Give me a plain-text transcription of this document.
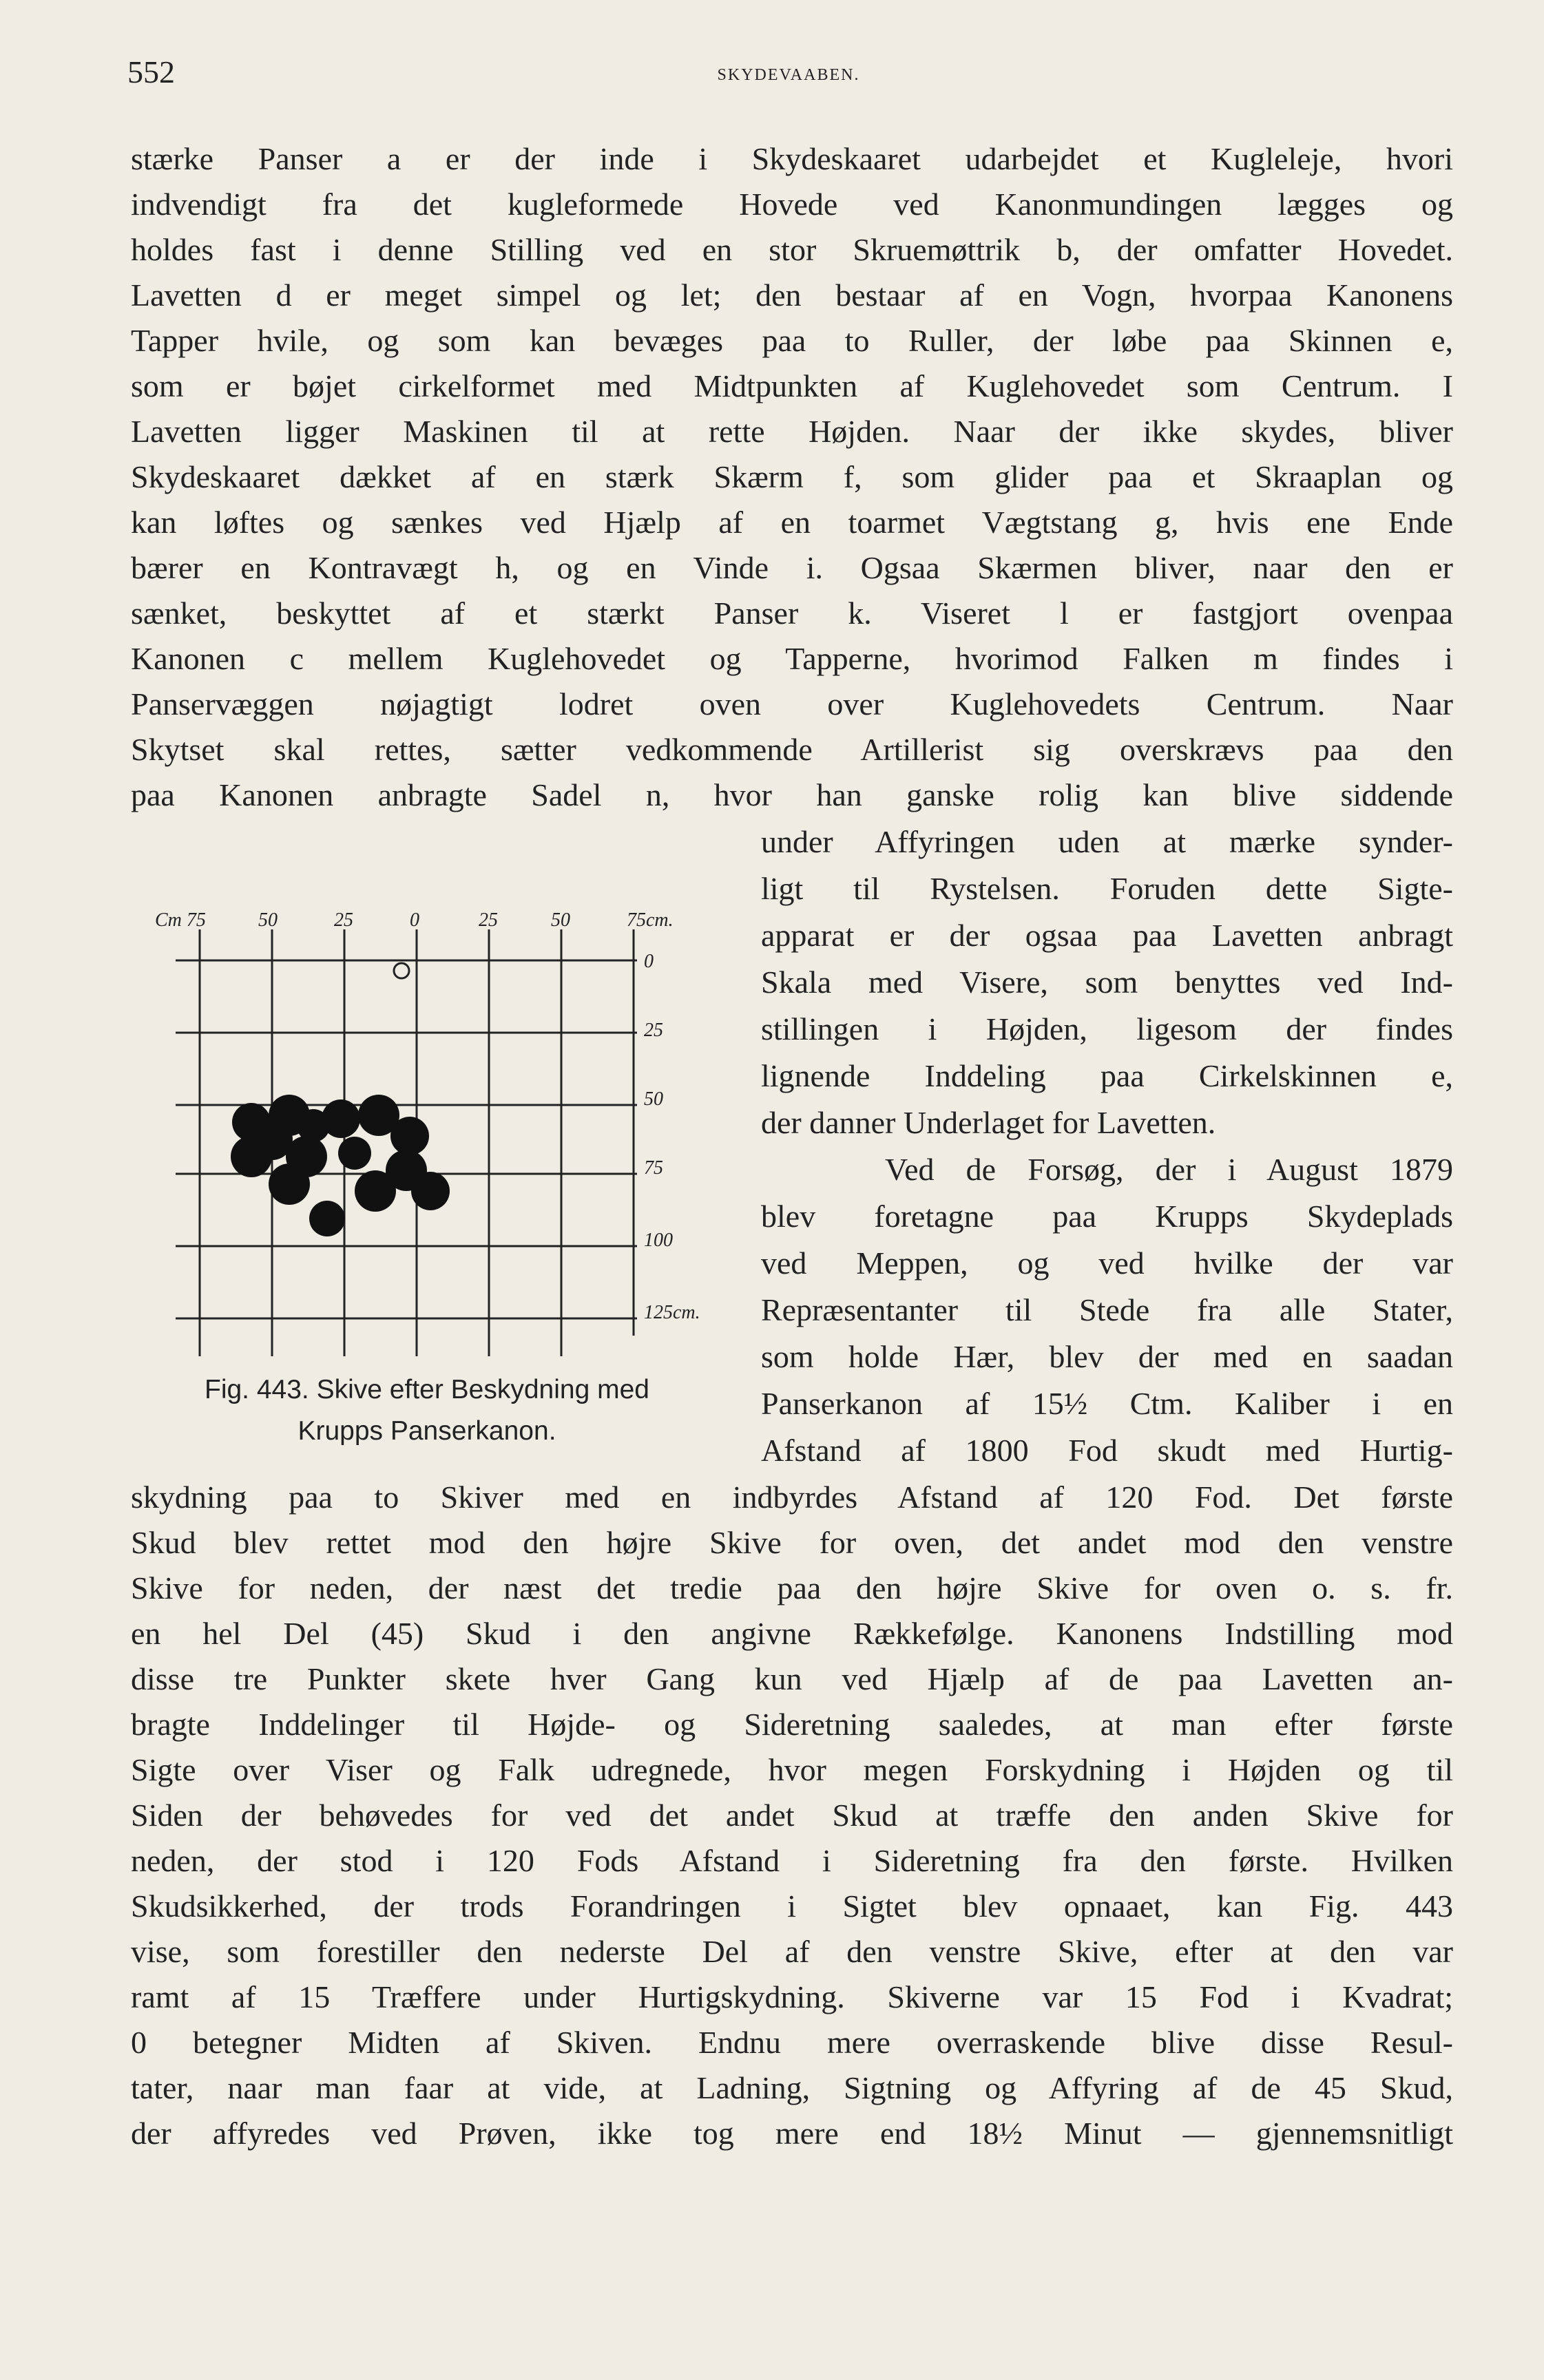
552	SKYDEVAABEN.
stærke Panser a er der inde i Skydeskaaret udarbejdet et Kugleleje, hvori
indvendigt fra det kugleformede Hovede ved Kanonmundingen lægges og
holdes fast i denne Stilling ved en stor Skruemøttrik b, der omfatter Hovedet.
Lavetten d er meget simpel og let; den bestaar af en Vogn, hvorpaa Kanonens
Tapper hvile, og som kan bevæges paa to Ruller, der løbe paa Skinnen e,
som er bøjet cirkelformet med Midtpunkten af Kuglehovedet som Centrum. I
Lavetten ligger Maskinen til at rette Højden. Naar der ikke skydes, bliver
Skydeskaaret dækket af en stærk Skærm f, som glider paa et Skraaplan og
kan løftes og sænkes ved Hjælp af en toarmet Vægtstang g, hvis ene Ende
bærer en Kontravægt h, og en Vinde i. Ogsaa Skærmen bliver, naar den er
sænket, beskyttet af et stærkt Panser k. Viseret l er fastgjort ovenpaa
Kanonen c mellem Kuglehovedet og Tapperne, hvorimod Falken m findes i
Panservæggen nøjagtigt lodret oven over Kuglehovedets Centrum. Naar
Skytset skal rettes, sætter vedkommende Artillerist sig overskrævs paa den
paa Kanonen anbragte Sadel n, hvor han ganske rolig kan blive siddende
under Affyringen uden at mærke synder-
ligt til Rystelsen. Foruden dette Sigte-
apparat er der ogsaa paa Lavetten anbragt
Skala med Visere, som benyttes ved Ind-
stillingen i Højden, ligesom der findes
lignende Inddeling paa Cirkelskinnen e,
der danner Underlaget for Lavetten.
Ved de Forsøg, der i August 1879
blev foretagne paa Krupps Skydeplads
ved Meppen, og ved hvilke der var
Repræsentanter til Stede fra alle Stater,
som holde Hær, blev der med en saadan
Panserkanon af 15½ Ctm. Kaliber i en
Afstand af 1800 Fod skudt med Hurtig-
Cm 75	50	25	0	25	50	75cm.
0
25
50
75
100
125cm.
Fig. 443. Skive efter Beskydning med
Krupps Panserkanon.
skydning paa to Skiver med en indbyrdes Afstand af 120 Fod. Det første
Skud blev rettet mod den højre Skive for oven, det andet mod den venstre
Skive for neden, der næst det tredie paa den højre Skive for oven o. s. fr.
en hel Del (45) Skud i den angivne Rækkefølge. Kanonens Indstilling mod
disse tre Punkter skete hver Gang kun ved Hjælp af de paa Lavetten an-
bragte Inddelinger til Højde- og Sideretning saaledes, at man efter første
Sigte over Viser og Falk udregnede, hvor megen Forskydning i Højden og til
Siden der behøvedes for ved det andet Skud at træffe den anden Skive for
neden, der stod i 120 Fods Afstand i Sideretning fra den første. Hvilken
Skudsikkerhed, der trods Forandringen i Sigtet blev opnaaet, kan Fig. 443
vise, som forestiller den nederste Del af den venstre Skive, efter at den var
ramt af 15 Træffere under Hurtigskydning. Skiverne var 15 Fod i Kvadrat;
0 betegner Midten af Skiven. Endnu mere overraskende blive disse Resul-
tater, naar man faar at vide, at Ladning, Sigtning og Affyring af de 45 Skud,
der affyredes ved Prøven, ikke tog mere end 18½ Minut — gjennemsnitligt
